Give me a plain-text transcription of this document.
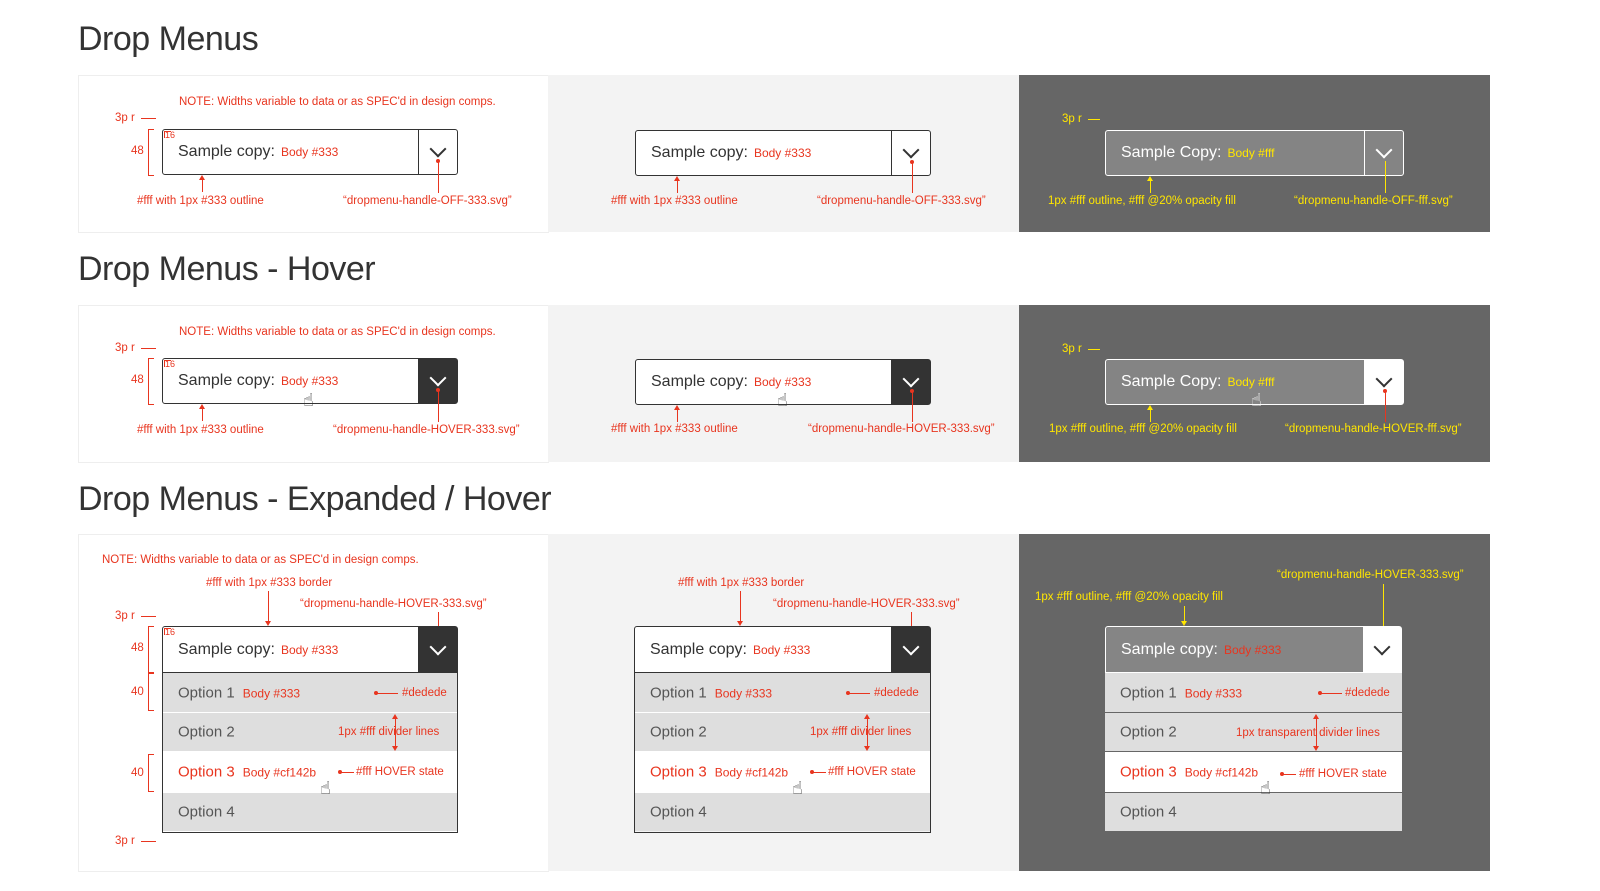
Drop Menus
Drop Menus - Hover
Drop Menus - Expanded / Hover
NOTE: Widths variable to data or as SPEC'd in design comps.
3p r
48 Sample copy: Body #333
16
#fff with 1px #333 outline	“dropmenu-handle-OFF-333.svg”
Sample copy: Body #333
#fff with 1px #333 outline	“dropmenu-handle-OFF-333.svg”
3p r
Sample Copy: Body #fff
1px #fff outline, #fff @20% opacity fill	“dropmenu-handle-OFF-fff.svg”
NOTE: Widths variable to data or as SPEC'd in design comps.
3p r
48 Sample copy: Body #333
16
☝
#fff with 1px #333 outline	“dropmenu-handle-HOVER-333.svg”
Sample copy: Body #333
☝
#fff with 1px #333 outline	“dropmenu-handle-HOVER-333.svg”
3p r
Sample Copy: Body #fff
☝
1px #fff outline, #fff @20% opacity fill	“dropmenu-handle-HOVER-fff.svg”
NOTE: Widths variable to data or as SPEC'd in design comps.
#fff with 1px #333 border
“dropmenu-handle-HOVER-333.svg”
3p r
48 Sample copy: Body #333
16
Option 1 Body #333
Option 2
Option 3 Body #cf142b
Option 4
40
40
3p r
#dedede
1px #fff divider lines
#fff HOVER state
☝
#fff with 1px #333 border
“dropmenu-handle-HOVER-333.svg”
Sample copy: Body #333
Option 1 Body #333
Option 2
Option 3 Body #cf142b
Option 4
#dedede
1px #fff divider lines
#fff HOVER state
☝
“dropmenu-handle-HOVER-333.svg”
1px #fff outline, #fff @20% opacity fill
Sample copy: Body #333
Option 1 Body #333
Option 2
Option 3 Body #cf142b
Option 4
#dedede
1px transparent divider lines
#fff HOVER state
☝
